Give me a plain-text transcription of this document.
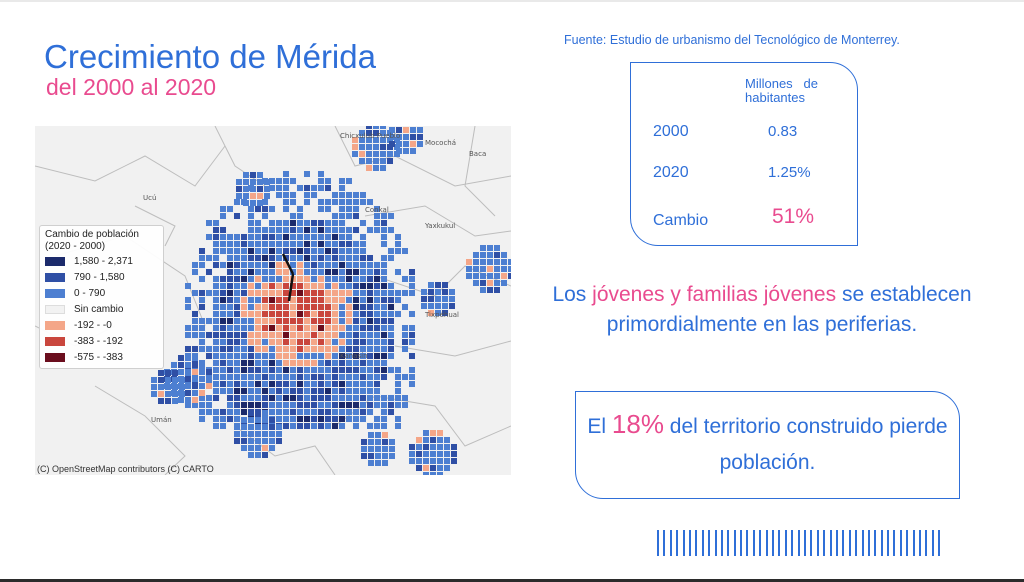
Crecimiento de Mérida
del 2000 al 2020
Fuente: Estudio de urbanismo del Tecnológico de Monterrey.
Chicxulub Pueblo
Mocochá
Baca
Ucú
Conkal
Yaxkukul
Tixpéhual
Kanasín
Umán
(C) OpenStreetMap contributors (C) CARTO
Cambio de población
(2020 - 2000)
1,580 - 2,371
790 - 1,580
0 - 790
Sin cambio
-192 - -0
-383 - -192
-575 - -383
Millones   de
habitantes
2000	0.83
2020	1.25%
Cambio	51%
Los jóvenes y familias jóvenes se establecen primordialmente en las periferias.
El 18% del territorio construido pierde población.
